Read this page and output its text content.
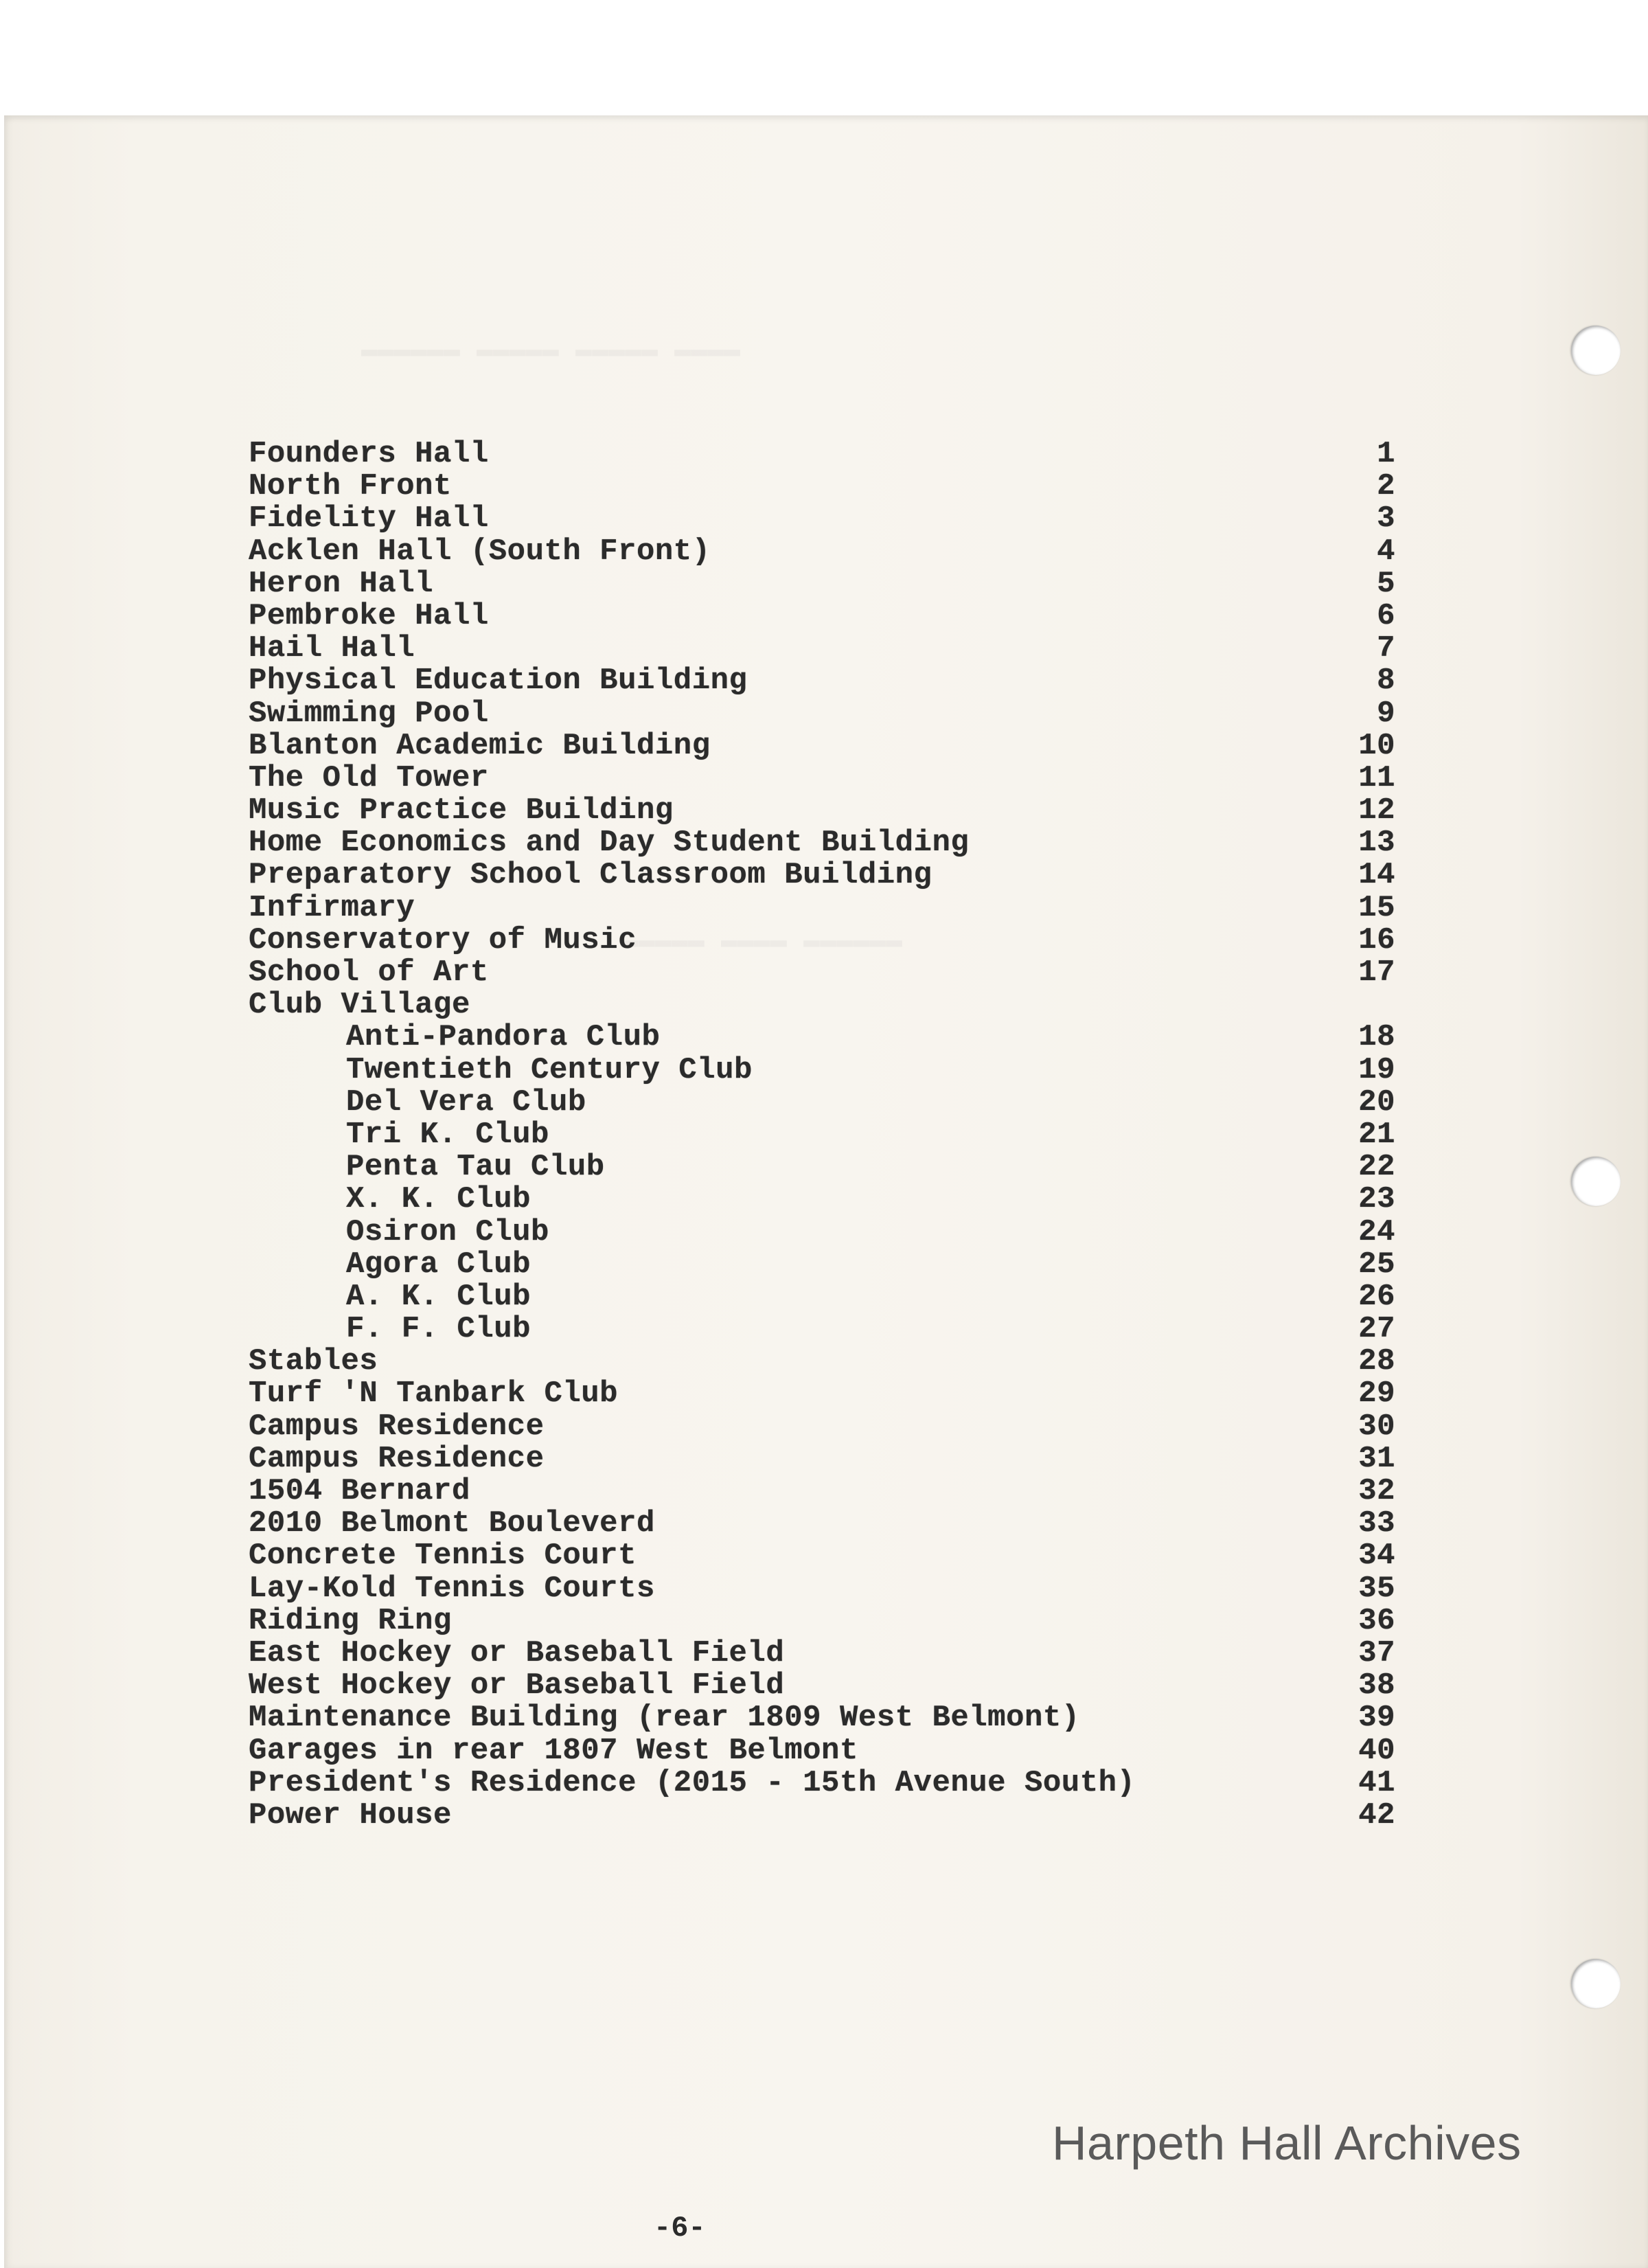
▬▬▬▬ ▬▬▬▬▬ ▬▬▬▬▬ ▬▬▬▬▬▬
▬▬▬▬▬▬ ▬▬▬▬ ▬▬▬▬▬
Founders Hall	1
North Front	2
Fidelity Hall	3
Acklen Hall (South Front)	4
Heron Hall	5
Pembroke Hall	6
Hail Hall	7
Physical Education Building	8
Swimming Pool	9
Blanton Academic Building	10
The Old Tower	11
Music Practice Building	12
Home Economics and Day Student Building	13
Preparatory School Classroom Building	14
Infirmary	15
Conservatory of Music	16
School of Art	17
Club Village
Anti-Pandora Club	18
Twentieth Century Club	19
Del Vera Club	20
Tri K. Club	21
Penta Tau Club	22
X. K. Club	23
Osiron Club	24
Agora Club	25
A. K. Club	26
F. F. Club	27
Stables	28
Turf 'N Tanbark Club	29
Campus Residence	30
Campus Residence	31
1504 Bernard	32
2010 Belmont Bouleverd	33
Concrete Tennis Court	34
Lay-Kold Tennis Courts	35
Riding Ring	36
East Hockey or Baseball Field	37
West Hockey or Baseball Field	38
Maintenance Building (rear 1809 West Belmont)	39
Garages in rear 1807 West Belmont	40
President's Residence (2015 - 15th Avenue South)	41
Power House	42
-6-
Harpeth Hall Archives
